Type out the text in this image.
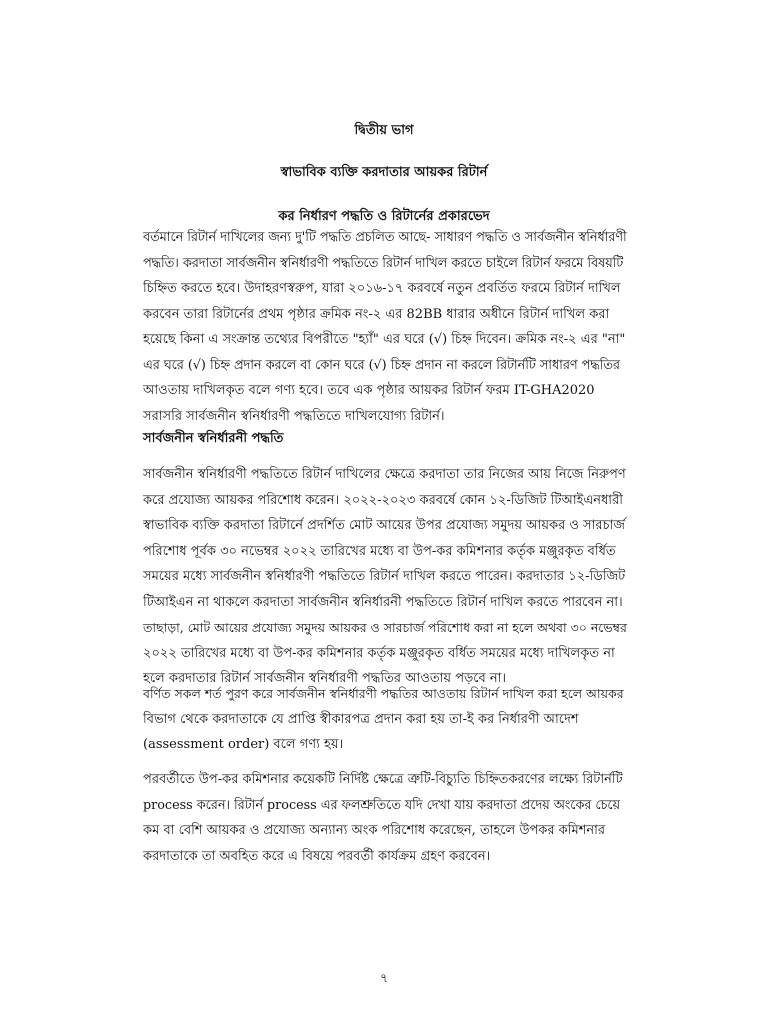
দ্বিতীয় ভাগ
স্বাভাবিক ব্যক্তি করদাতার আয়কর রিটার্ন
কর নির্ধারণ পদ্ধতি ও রিটার্নের প্রকারভেদ

বর্তমানে রিটার্ন দাখিলের জন্য দু'টি পদ্ধতি প্রচলিত আছে- সাধারণ পদ্ধতি ও সার্বজনীন স্বনির্ধারণী
পদ্ধতি। করদাতা সার্বজনীন স্বনির্ধারণী পদ্ধতিতে রিটার্ন দাখিল করতে চাইলে রিটার্ন ফরমে বিষয়টি
চিহ্নিত করতে হবে। উদাহরণস্বরুপ, যারা ২০১৬-১৭ করবর্ষে নতুন প্রবর্তিত ফরমে রিটার্ন দাখিল
করবেন তারা রিটার্নের প্রথম পৃষ্ঠার ক্রমিক নং-২ এর 82BB ধারার অধীনে রিটার্ন দাখিল করা
হয়েছে কিনা এ সংক্রান্ত তথ্যের বিপরীতে "হ্যাঁ" এর ঘরে (√) চিহ্ন দিবেন। ক্রমিক নং-২ এর "না"
এর ঘরে (√) চিহ্ন প্রদান করলে বা কোন ঘরে (√) চিহ্ন প্রদান না করলে রিটার্নটি সাধারণ পদ্ধতির
আওতায় দাখিলকৃত বলে গণ্য হবে। তবে এক পৃষ্ঠার আয়কর রিটার্ন ফরম IT-GHA2020
সরাসরি সার্বজনীন স্বনির্ধারণী পদ্ধতিতে দাখিলযোগ্য রিটার্ন।

সার্বজনীন স্বনির্ধারনী পদ্ধতি

সার্বজনীন স্বনির্ধারণী পদ্ধতিতে রিটার্ন দাখিলের ক্ষেত্রে করদাতা তার নিজের আয় নিজে নিরুপণ
করে প্রযোজ্য আয়কর পরিশোধ করেন। ২০২২-২০২৩ করবর্ষে কোন ১২-ডিজিট টিআইএনধারী
স্বাভাবিক ব্যক্তি করদাতা রিটার্নে প্রদর্শিত মোট আয়ের উপর প্রযোজ্য সমুদয় আয়কর ও সারচার্জ
পরিশোধ পূর্বক ৩০ নভেম্বর ২০২২ তারিখের মধ্যে বা উপ-কর কমিশনার কর্তৃক মঞ্জুরকৃত বর্ধিত
সময়ের মধ্যে সার্বজনীন স্বনির্ধারণী পদ্ধতিতে রিটার্ন দাখিল করতে পারেন। করদাতার ১২-ডিজিট
টিআইএন না থাকলে করদাতা সার্বজনীন স্বনির্ধারনী পদ্ধতিতে রিটার্ন দাখিল করতে পারবেন না।
তাছাড়া, মোট আয়ের প্রযোজ্য সমুদয় আয়কর ও সারচার্জ পরিশোধ করা না হলে অথবা ৩০ নভেম্বর
২০২২ তারিখের মধ্যে বা উপ-কর কমিশনার কর্তৃক মঞ্জুরকৃত বর্ধিত সময়ের মধ্যে দাখিলকৃত না
হলে করদাতার রিটার্ন সার্বজনীন স্বনির্ধারণী পদ্ধতির আওতায় পড়বে না।

বর্ণিত সকল শর্ত পুরণ করে সার্বজনীন স্বনির্ধারণী পদ্ধতির আওতায় রিটার্ন দাখিল করা হলে আয়কর
বিভাগ থেকে করদাতাকে যে প্রাপ্তি স্বীকারপত্র প্রদান করা হয় তা-ই কর নির্ধারণী আদেশ
(assessment order) বলে গণ্য হয়।

পরবর্তীতে উপ-কর কমিশনার কয়েকটি নির্দিষ্ট ক্ষেত্রে ত্রুটি-বিচ্যুতি চিহ্নিতকরণের লক্ষ্যে রিটার্নটি
process করেন। রিটার্ন process এর ফলশ্রুতিতে যদি দেখা যায় করদাতা প্রদেয় অংকের চেয়ে
কম বা বেশি আয়কর ও প্রযোজ্য অন্যান্য অংক পরিশোধ করেছেন, তাহলে উপকর কমিশনার
করদাতাকে তা অবহিত করে এ বিষয়ে পরবর্তী কার্যক্রম গ্রহণ করবেন।

৭
